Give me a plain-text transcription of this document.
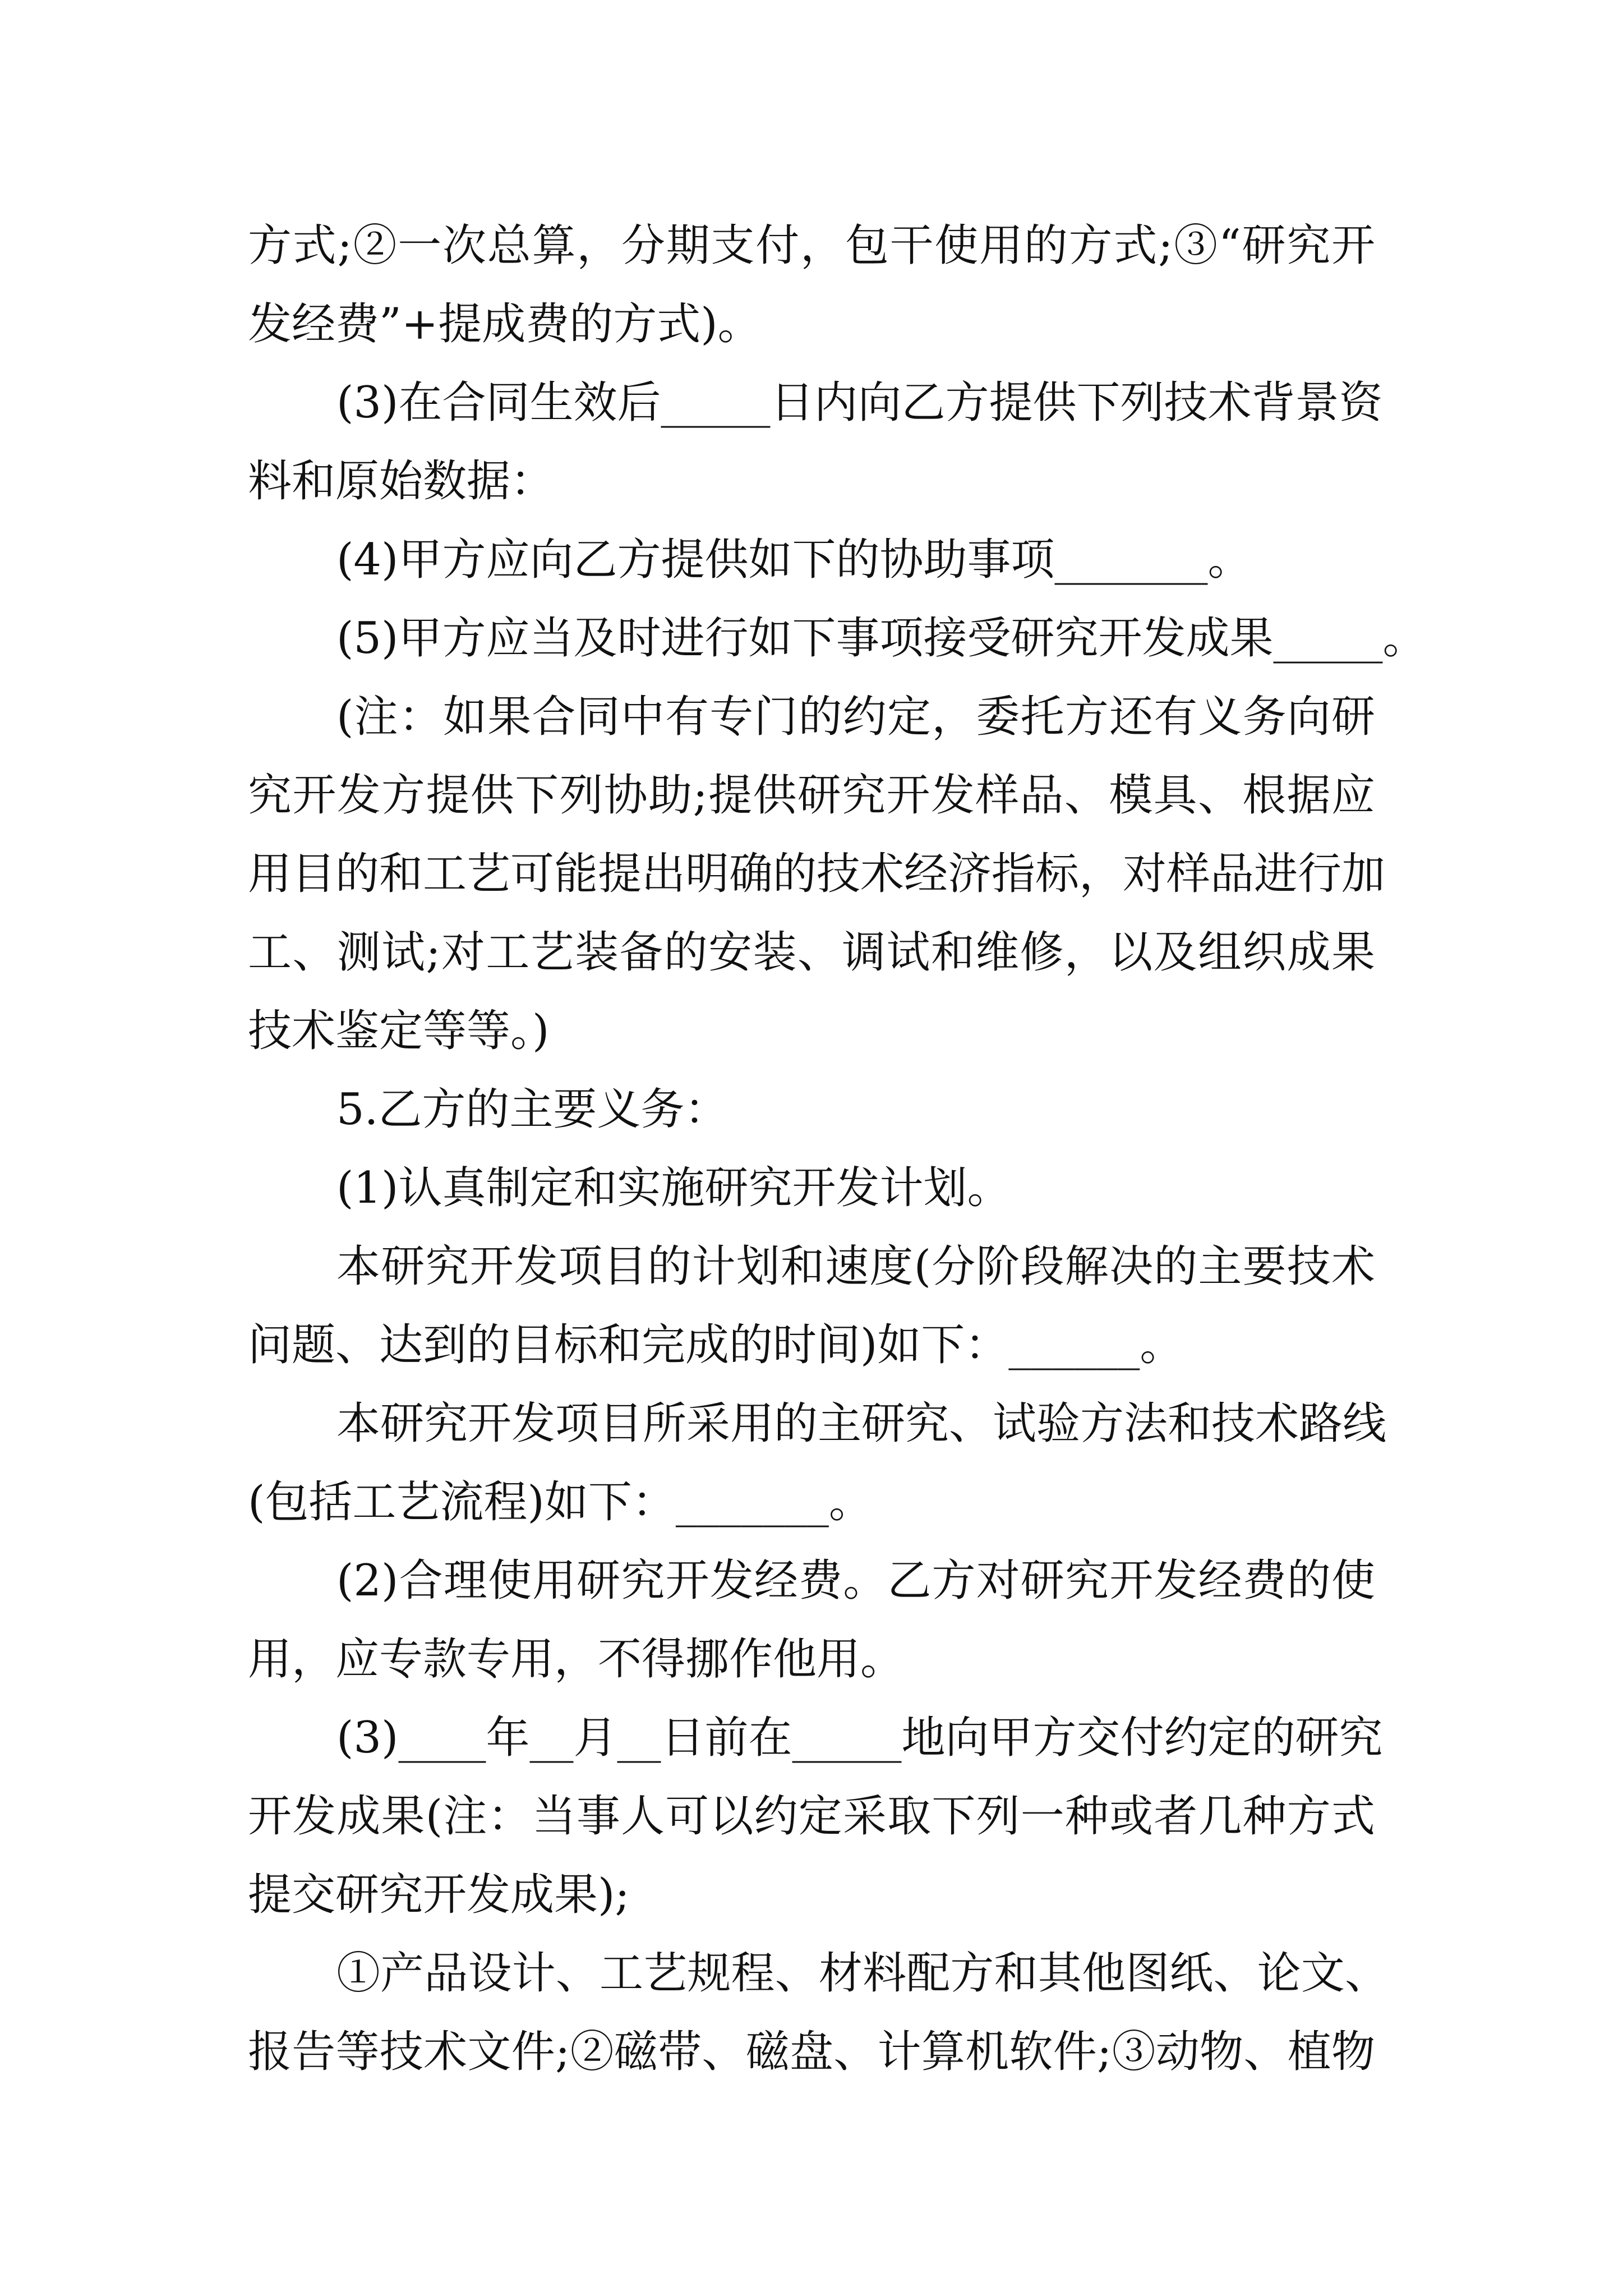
方式;②一次总算，分期支付，包干使用的方式;③“研究开
发经费”+提成费的方式)。
(3)在合同生效后_____日内向乙方提供下列技术背景资
料和原始数据：
(4)甲方应向乙方提供如下的协助事项_______。
(5)甲方应当及时进行如下事项接受研究开发成果_____。
(注：如果合同中有专门的约定，委托方还有义务向研
究开发方提供下列协助;提供研究开发样品、模具、根据应
用目的和工艺可能提出明确的技术经济指标，对样品进行加
工、测试;对工艺装备的安装、调试和维修，以及组织成果
技术鉴定等等。)
5.乙方的主要义务：
(1)认真制定和实施研究开发计划。
本研究开发项目的计划和速度(分阶段解决的主要技术
问题、达到的目标和完成的时间)如下：______。
本研究开发项目所采用的主研究、试验方法和技术路线
(包括工艺流程)如下：_______。
(2)合理使用研究开发经费。乙方对研究开发经费的使
用，应专款专用，不得挪作他用。
(3)____年__月__日前在_____地向甲方交付约定的研究
开发成果(注：当事人可以约定采取下列一种或者几种方式
提交研究开发成果);
①产品设计、工艺规程、材料配方和其他图纸、论文、
报告等技术文件;②磁带、磁盘、计算机软件;③动物、植物
